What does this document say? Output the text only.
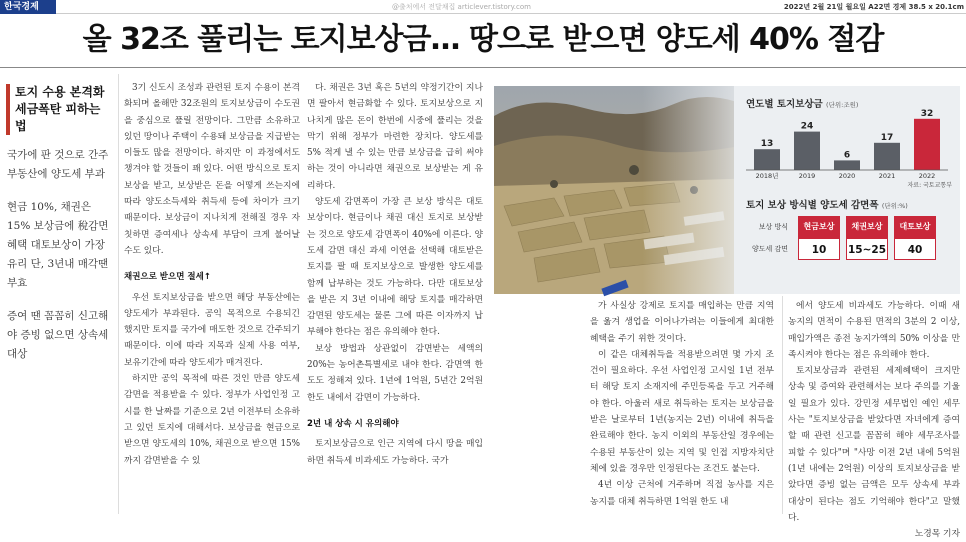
한국경제	@출처에서 전달채집 articlever.tistory.com	2022년 2월 21일 월요일 A22면 경제 38.5 x 20.1cm
올 32조 풀리는 토지보상금… 땅으로 받으면 양도세 40% 절감
토지 수용 본격화
세금폭탄 피하는 법

국가에 판 것으로 간주 부동산에 양도세 부과

현금 10%, 채권은 15% 보상금에 稅감면 혜택 대토보상이 가장 유리 단, 3년내 매각땐 부효

증여 땐 꼼꼼히 신고해야 증빙 없으면 상속세 대상

3기 신도시 조성과 관련된 토지 수용이 본격화되며 올해만 32조원의 토지보상금이 수도권을 중심으로 풀릴 전망이다. 그만큼 소유하고 있던 땅이나 주택이 수용돼 보상금을 지급받는 이들도 많을 전망이다. 하지만 이 과정에서도 챙겨야 할 것들이 꽤 있다. 어떤 방식으로 토지보상을 받고, 보상받은 돈을 어떻게 쓰는지에 따라 양도소득세와 취득세 등에 차이가 크기 때문이다. 보상금이 지나치게 전해질 경우 자칫하면 증여세나 상속세 부담이 크게 불어날 수도 있다.

채권으로 받으면 절세↑

우선 토지보상금을 받으면 해당 부동산에는 양도세가 부과된다. 공익 목적으로 수용되긴 했지만 토지를 국가에 매도한 것으로 간주되기 때문이다. 이에 따라 지목과 실제 사용 여부, 보유기간에 따라 양도세가 매겨진다.

하지만 공익 목적에 따른 것인 만큼 양도세 감면을 적용받을 수 있다. 정부가 사업인정 고시를 한 날짜를 기준으로 2년 이전부터 소유하고 있던 토지에 대해서다. 보상금을 현금으로 받으면 양도세의 10%, 채권으로 받으면 15%까지 감면받을 수 있

다. 채권은 3년 혹은 5년의 약정기간이 지나면 팔아서 현금화할 수 있다. 토지보상으로 지나치게 많은 돈이 한번에 시중에 풀리는 것을 막기 위해 정부가 마련한 장치다. 양도세를 5% 적게 낼 수 있는 만큼 보상금을 급히 써야 하는 것이 아니라면 채권으로 보상받는 게 유리하다.

양도세 감면폭이 가장 큰 보상 방식은 대토보상이다. 현금이나 채권 대신 토지로 보상받는 것으로 양도세 감면폭이 40%에 이른다. 양도세 감면 대신 과세 이연을 선택해 대토받은 토지를 팔 때 토지보상으로 발생한 양도세를 함께 납부하는 것도 가능하다. 다만 대토보상을 받은 지 3년 이내에 해당 토지를 매각하면 감면된 양도세는 물론 그에 따른 이자까지 납부해야 한다는 점은 유의해야 한다.

보상 방법과 상관없이 감면받는 세액의 20%는 농어촌특별세로 내야 한다. 감면액 한도도 정해져 있다. 1년에 1억원, 5년간 2억원 한도 내에서 감면이 가능하다.

2년 내 상속 시 유의해야

토지보상금으로 인근 지역에 다시 땅을 매입하면 취득세 비과세도 가능하다. 국가

연도별 토지보상금 (단위:조원)
13
2018년
24
2019
6
2020
17
2021
32
2022
자료: 국토교통부
토지 보상 방식별 양도세 감면폭 (단위:%)
보상 방식	현금보상	채권보상	대토보상
양도세 감면	10	15~25	40

가 사실상 강제로 토지를 매입하는 만큼 지역을 옮겨 생업을 이어나가려는 이들에게 최대한 혜택을 주기 위한 것이다.

이 같은 대체취득을 적용받으려면 몇 가지 조건이 필요하다. 우선 사업인정 고시일 1년 전부터 해당 토지 소재지에 주민등록을 두고 거주해야 한다. 아울러 새로 취득하는 토지는 보상금을 받은 날로부터 1년(농지는 2년) 이내에 취득을 완료해야 한다. 농지 이외의 부동산일 경우에는 수용된 부동산이 있는 지역 및 인접 지방자치단체에 있을 경우만 인정된다는 조건도 붙는다.

4년 이상 근처에 거주하며 직접 농사를 지은 농지를 대체 취득하면 1억원 한도 내

에서 양도세 비과세도 가능하다. 이때 새 농지의 면적이 수용된 면적의 3분의 2 이상, 매입가액은 종전 농지가액의 50% 이상을 만족시켜야 한다는 점은 유의해야 한다.

토지보상금과 관련된 세제혜택이 크지만 상속 및 증여와 관련해서는 보다 주의를 기울일 필요가 있다. 강민정 세무법인 예인 세무사는 "토지보상금을 받았다면 자녀에게 증여할 때 관련 신고를 꼼꼼히 해야 세무조사를 피할 수 있다"며 "사망 이전 2년 내에 5억원(1년 내에는 2억원) 이상의 토지보상금을 받았다면 증빙 없는 금액은 모두 상속세 부과 대상이 된다는 점도 기억해야 한다"고 말했다.

노경목 기자
